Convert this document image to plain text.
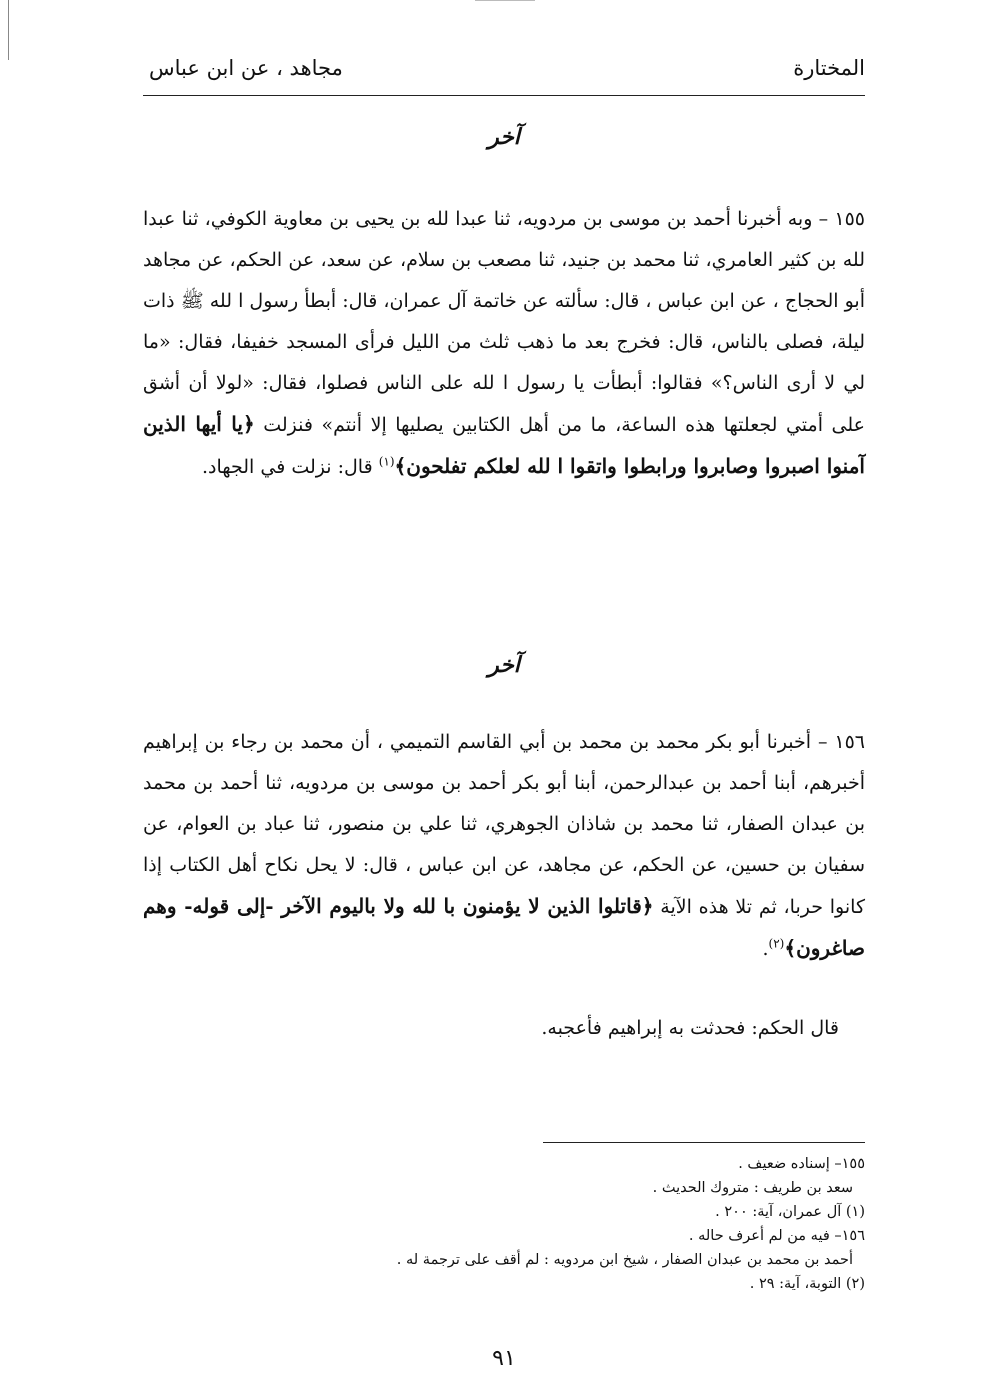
المختارة
مجاهد ، عن ابن عباس
آخر
١٥٥ – وبه أخبرنا أحمد بن موسى بن مردويه، ثنا عبدا لله بن يحيى بن معاوية الكوفي، ثنا عبدا لله بن كثير العامري، ثنا محمد بن جنيد، ثنا مصعب بن سلام، عن سعد، عن الحكم، عن مجاهد أبو الحجاج ، عن ابن عباس ، قال: سألته عن خاتمة آل عمران، قال: أبطأ رسول ا لله ﷺ ذات ليلة، فصلى بالناس، قال: فخرج بعد ما ذهب ثلث من الليل فرأى المسجد خفيفا، فقال: «ما لي لا أرى الناس؟» فقالوا: أبطأت يا رسول ا لله على الناس فصلوا، فقال: «لولا أن أشق على أمتي لجعلتها هذه الساعة، ما من أهل الكتابين يصليها إلا أنتم» فنزلت ﴿يا أيها الذين آمنوا اصبروا وصابروا ورابطوا واتقوا ا لله لعلكم تفلحون﴾$^{(١)}$ قال: نزلت في الجهاد.
آخر
١٥٦ – أخبرنا أبو بكر محمد بن محمد بن أبي القاسم التميمي ، أن محمد بن رجاء بن إبراهيم أخبرهم، أبنا أحمد بن عبدالرحمن، أبنا أبو بكر أحمد بن موسى بن مردويه، ثنا أحمد بن محمد بن عبدان الصفار، ثنا محمد بن شاذان الجوهري، ثنا علي بن منصور، ثنا عباد بن العوام، عن سفيان بن حسين، عن الحكم، عن مجاهد، عن ابن عباس ، قال: لا يحل نكاح أهل الكتاب إذا كانوا حربا، ثم تلا هذه الآية ﴿قاتلوا الذين لا يؤمنون با لله ولا باليوم الآخر -إلى قوله- وهم صاغرون﴾$^{(٢)}$.
قال الحكم: فحدثت به إبراهيم فأعجبه.
١٥٥– إسناده ضعيف .
سعد بن طريف : متروك الحديث .
(١) آل عمران، آية: ٢٠٠ .
١٥٦– فيه من لم أعرف حاله .
أحمد بن محمد بن عبدان الصفار ، شيخ ابن مردويه : لم أقف على ترجمة له .
(٢) التوبة، آية: ٢٩ .
٩١
